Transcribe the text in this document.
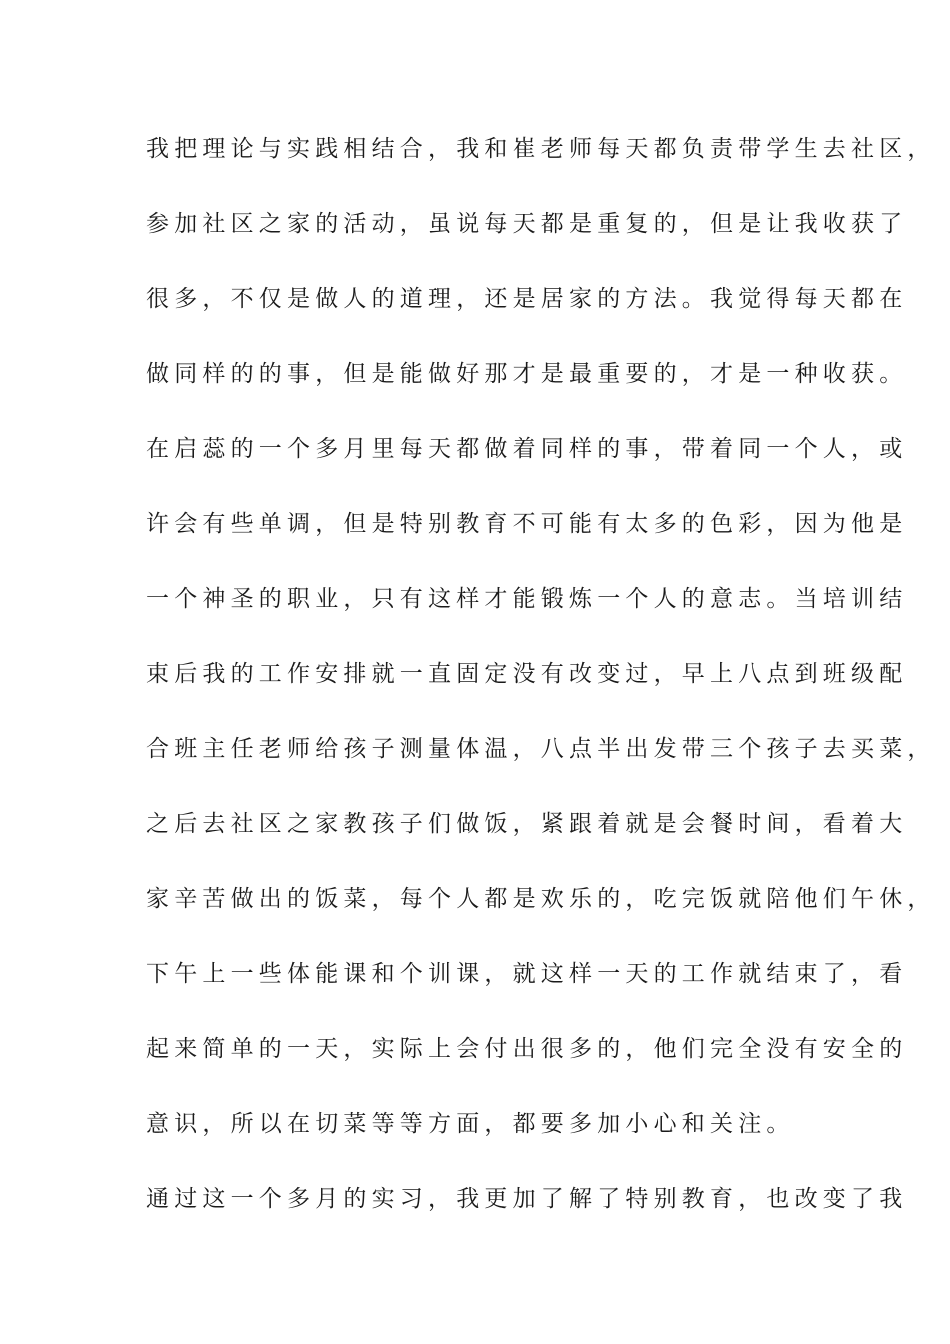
我把理论与实践相结合，我和崔老师每天都负责带学生去社区，
参加社区之家的活动，虽说每天都是重复的，但是让我收获了
很多，不仅是做人的道理，还是居家的方法。我觉得每天都在
做同样的的事，但是能做好那才是最重要的，才是一种收获。
在启蕊的一个多月里每天都做着同样的事，带着同一个人，或
许会有些单调，但是特别教育不可能有太多的色彩，因为他是
一个神圣的职业，只有这样才能锻炼一个人的意志。当培训结
束后我的工作安排就一直固定没有改变过，早上八点到班级配
合班主任老师给孩子测量体温，八点半出发带三个孩子去买菜，
之后去社区之家教孩子们做饭，紧跟着就是会餐时间，看着大
家辛苦做出的饭菜，每个人都是欢乐的，吃完饭就陪他们午休，
下午上一些体能课和个训课，就这样一天的工作就结束了，看
起来简单的一天，实际上会付出很多的，他们完全没有安全的
意识，所以在切菜等等方面，都要多加小心和关注。
通过这一个多月的实习，我更加了解了特别教育，也改变了我
